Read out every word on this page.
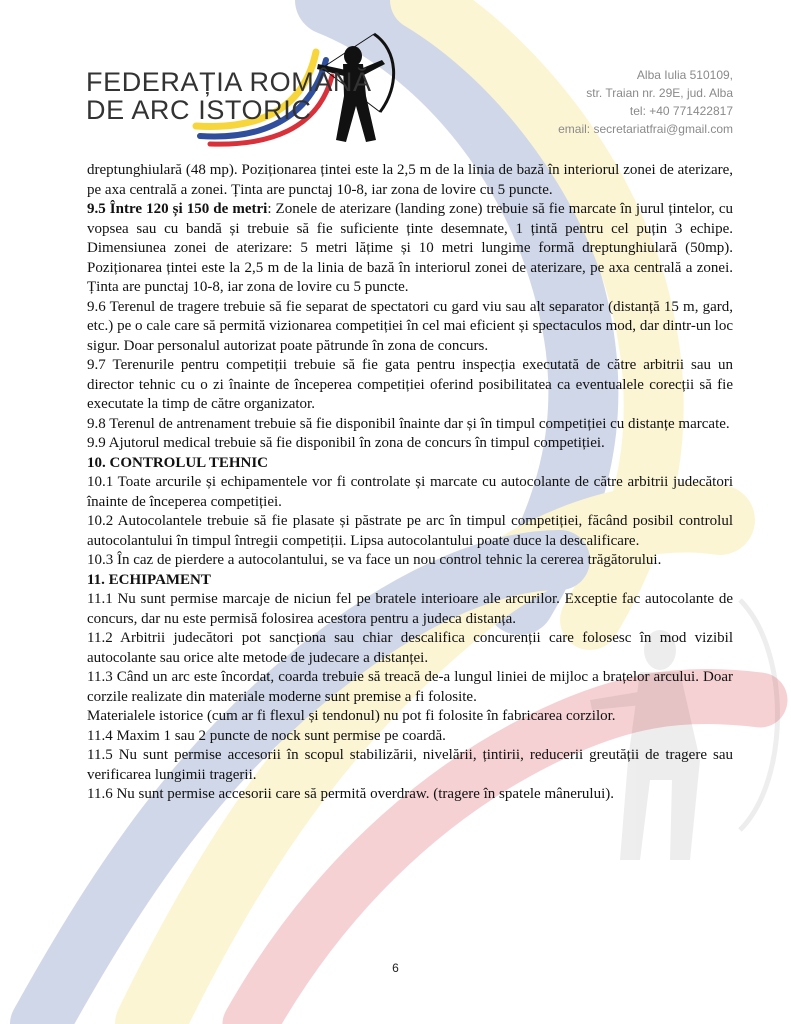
FEDERAȚIA ROMÂNĂ
DE ARC ISTORIC
Alba Iulia 510109,
str. Traian nr. 29E, jud. Alba
tel: +40 771422817
email: secretariatfrai@gmail.com

dreptunghiulară (48 mp). Poziționarea țintei este la 2,5 m de la linia de bază în interiorul zonei de aterizare, pe axa centrală a zonei. Ținta are punctaj 10-8, iar zona de lovire cu 5 puncte.

9.5 Între 120 și 150 de metri: Zonele de aterizare (landing zone) trebuie să fie marcate în jurul țintelor, cu vopsea sau cu bandă și trebuie să fie suficiente ținte desemnate, 1 țintă pentru cel puțin 3 echipe. Dimensiunea zonei de aterizare: 5 metri lățime și 10 metri lungime formă dreptunghiulară (50mp). Poziționarea țintei este la 2,5 m de la linia de bază în interiorul zonei de aterizare, pe axa centrală a zonei. Ținta are punctaj 10-8, iar zona de lovire cu 5 puncte.

9.6 Terenul de tragere trebuie să fie separat de spectatori cu gard viu sau alt separator (distanță 15 m, gard, etc.) pe o cale care să permită vizionarea competiției în cel mai eficient și spectaculos mod, dar dintr-un loc sigur. Doar personalul autorizat poate pătrunde în zona de concurs.

9.7 Terenurile pentru competiții trebuie să fie gata pentru inspecția executată de către arbitrii sau un director tehnic cu o zi înainte de începerea competiției oferind posibilitatea ca eventualele corecții să fie executate la timp de către organizator.

9.8 Terenul de antrenament trebuie să fie disponibil înainte dar și în timpul competiției cu distanțe marcate.

9.9 Ajutorul medical trebuie să fie disponibil în zona de concurs în timpul competiției.

10. CONTROLUL TEHNIC

10.1 Toate arcurile și echipamentele vor fi controlate și marcate cu autocolante de către arbitrii judecători înainte de începerea competiției.

10.2 Autocolantele trebuie să fie plasate și păstrate pe arc în timpul competiției, făcând posibil controlul autocolantului în timpul întregii competiții. Lipsa autocolantului poate duce la descalificare.

10.3 În caz de pierdere a autocolantului, se va face un nou control tehnic la cererea trăgătorului.

11. ECHIPAMENT

11.1 Nu sunt permise marcaje de niciun fel pe bratele interioare ale arcurilor. Exceptie fac autocolante de concurs, dar nu este permisă folosirea acestora pentru a judeca distanța.

11.2 Arbitrii judecători pot sancționa sau chiar descalifica concurenții care folosesc în mod vizibil autocolante sau orice alte metode de judecare a distanței.

11.3 Când un arc este încordat, coarda trebuie să treacă de-a lungul liniei de mijloc a brațelor arcului. Doar corzile realizate din materiale moderne sunt premise a fi folosite.

Materialele istorice (cum ar fi flexul și tendonul) nu pot fi folosite în fabricarea corzilor.

11.4 Maxim 1 sau 2 puncte de nock sunt permise pe coardă.

11.5 Nu sunt permise accesorii în scopul stabilizării, nivelării, țintirii, reducerii greutății de tragere sau verificarea lungimii tragerii.

11.6 Nu sunt permise accesorii care să permită overdraw. (tragere în spatele mânerului).

6
